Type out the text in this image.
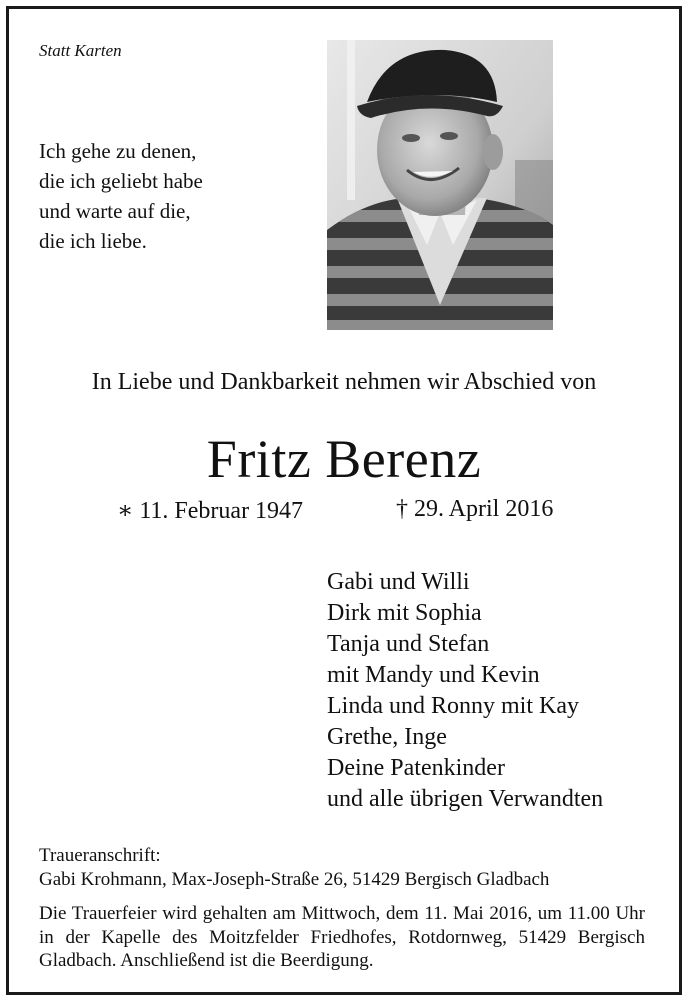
Statt Karten
Ich gehe zu denen,
die ich geliebt habe
und warte auf die,
die ich liebe.
In Liebe und Dankbarkeit nehmen wir Abschied von
Fritz Berenz
∗ 11. Februar 1947	† 29. April 2016
Gabi und Willi
Dirk mit Sophia
Tanja und Stefan
mit Mandy und Kevin
Linda und Ronny mit Kay
Grethe, Inge
Deine Patenkinder
und alle übrigen Verwandten
Traueranschrift:
Gabi Krohmann, Max-Joseph-Straße 26, 51429 Bergisch Gladbach
Die Trauerfeier wird gehalten am Mittwoch, dem 11. Mai 2016, um 11.00 Uhr in der Kapelle des Moitzfelder Friedhofes, Rotdornweg, 51429 Bergisch Gladbach. Anschließend ist die Beerdigung.
